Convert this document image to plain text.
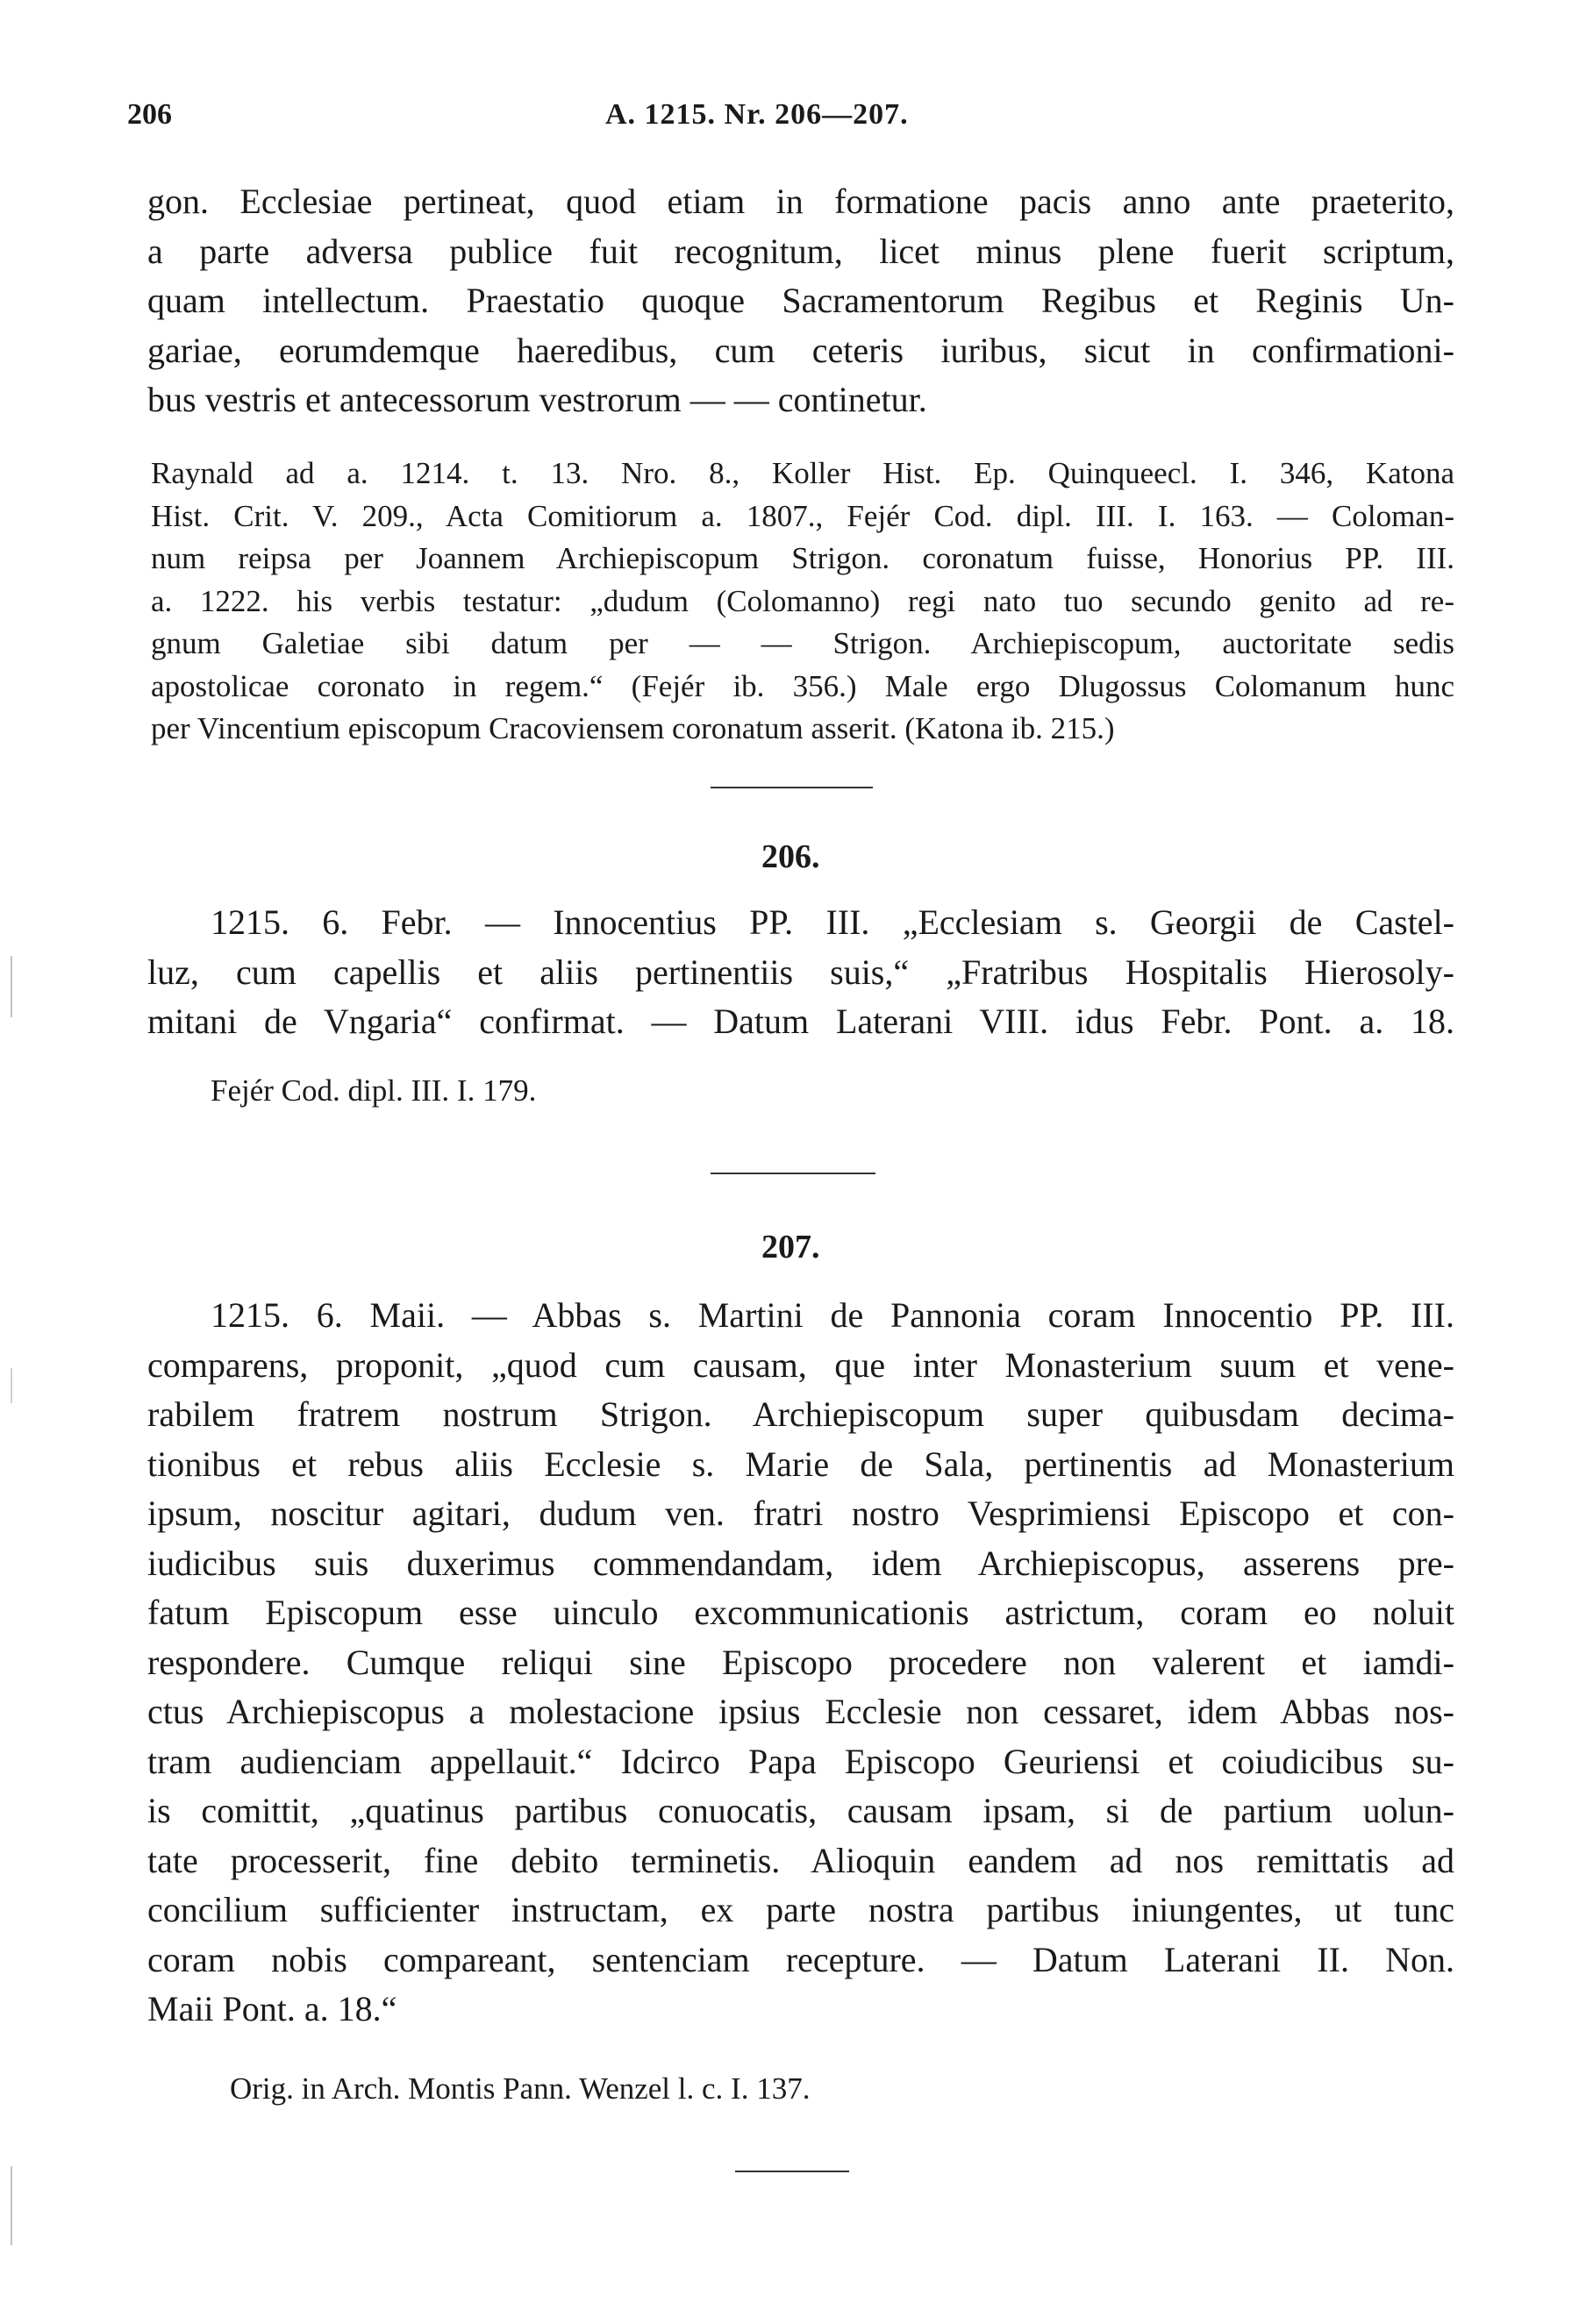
206	A. 1215. Nr. 206—207.
gon. Ecclesiae pertineat, quod etiam in formatione pacis anno ante praeterito,
a parte adversa publice fuit recognitum, licet minus plene fuerit scriptum,
quam intellectum. Praestatio quoque Sacramentorum Regibus et Reginis Un-
gariae, eorumdemque haeredibus, cum ceteris iuribus, sicut in confirmationi-
bus vestris et antecessorum vestrorum — — continetur.
Raynald ad a. 1214. t. 13. Nro. 8., Koller Hist. Ep. Quinqueecl. I. 346, Katona
Hist. Crit. V. 209., Acta Comitiorum a. 1807., Fejér Cod. dipl. III. I. 163. — Coloman-
num reipsa per Joannem Archiepiscopum Strigon. coronatum fuisse, Honorius PP. III.
a. 1222. his verbis testatur: „dudum (Colomanno) regi nato tuo secundo genito ad re-
gnum Galetiae sibi datum per — — Strigon. Archiepiscopum, auctoritate sedis
apostolicae coronato in regem.“ (Fejér ib. 356.) Male ergo Dlugossus Colomanum hunc
per Vincentium episcopum Cracoviensem coronatum asserit. (Katona ib. 215.)
206.
1215. 6. Febr. — Innocentius PP. III. „Ecclesiam s. Georgii de Castel-
luz, cum capellis et aliis pertinentiis suis,“ „Fratribus Hospitalis Hierosoly-
mitani de Vngaria“ confirmat. — Datum Laterani VIII. idus Febr. Pont. a. 18.
Fejér Cod. dipl. III. I. 179.
207.
1215. 6. Maii. — Abbas s. Martini de Pannonia coram Innocentio PP. III.
comparens, proponit, „quod cum causam, que inter Monasterium suum et vene-
rabilem fratrem nostrum Strigon. Archiepiscopum super quibusdam decima-
tionibus et rebus aliis Ecclesie s. Marie de Sala, pertinentis ad Monasterium
ipsum, noscitur agitari, dudum ven. fratri nostro Vesprimiensi Episcopo et con-
iudicibus suis duxerimus commendandam, idem Archiepiscopus, asserens pre-
fatum Episcopum esse uinculo excommunicationis astrictum, coram eo noluit
respondere. Cumque reliqui sine Episcopo procedere non valerent et iamdi-
ctus Archiepiscopus a molestacione ipsius Ecclesie non cessaret, idem Abbas nos-
tram audienciam appellauit.“ Idcirco Papa Episcopo Geuriensi et coiudicibus su-
is comittit, „quatinus partibus conuocatis, causam ipsam, si de partium uolun-
tate processerit, fine debito terminetis. Alioquin eandem ad nos remittatis ad
concilium sufficienter instructam, ex parte nostra partibus iniungentes, ut tunc
coram nobis compareant, sentenciam recepture. — Datum Laterani II. Non.
Maii Pont. a. 18.“
Orig. in Arch. Montis Pann. Wenzel l. c. I. 137.
